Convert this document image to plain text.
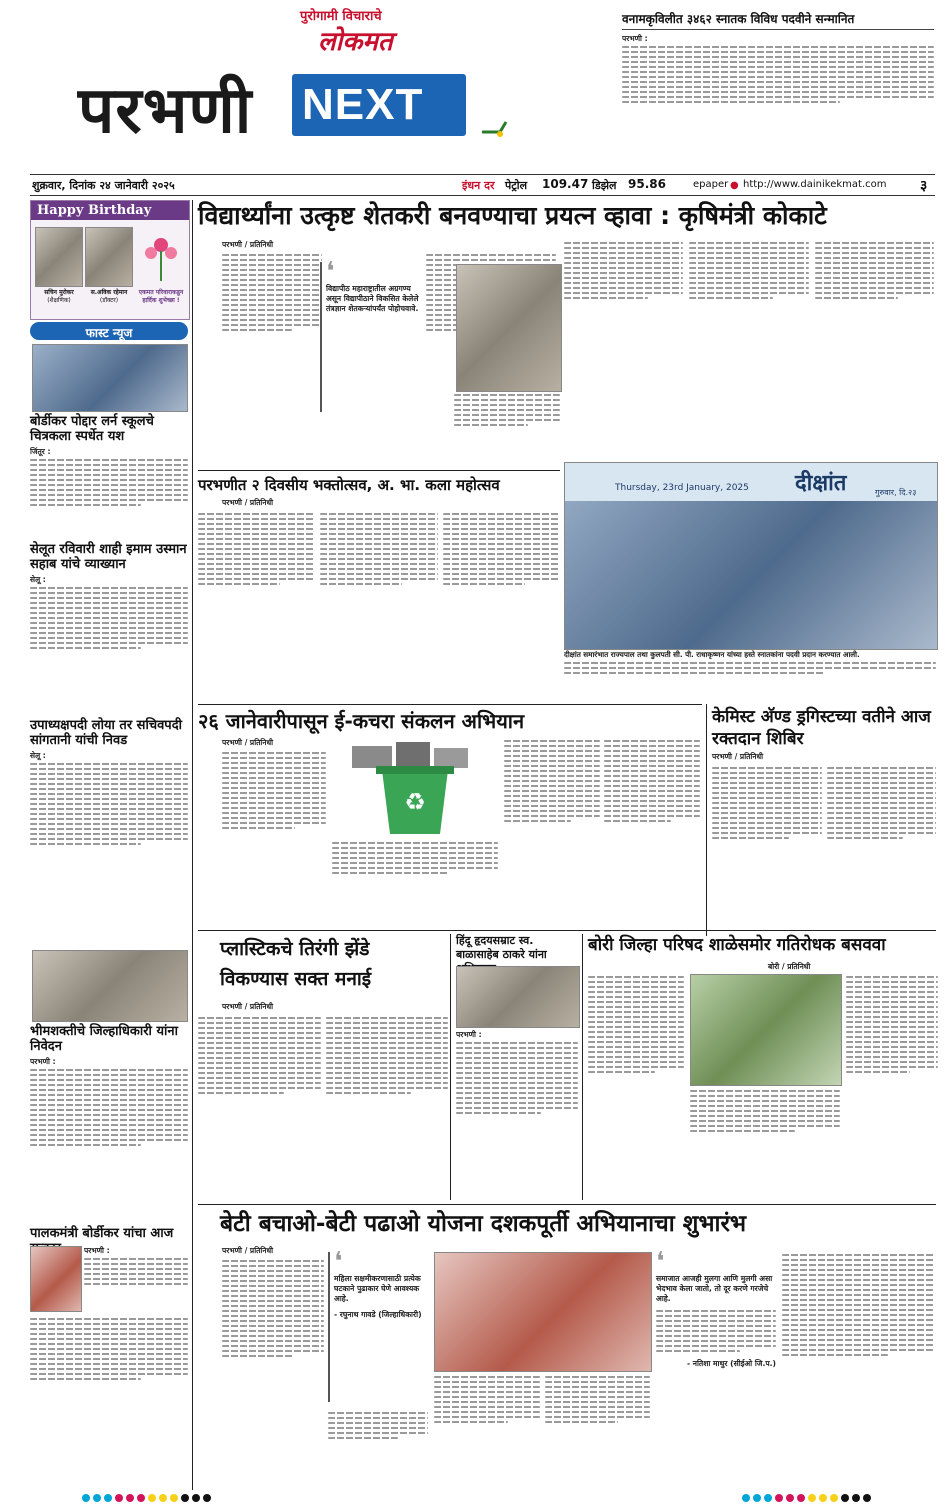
पुरोगामी विचाराचे
लोकमत
परभणी NEXT
वनामकृविलीत ३४६२ स्नातक विविध पदवीने सन्मानित
परभणी :
शुक्रवार, दिनांक २४ जानेवारी २०२५	इंधन दर पेट्रोल 109.47 डिझेल 95.86	epaper ● http://www.dainikekmat.com ३
Happy Birthday
सचिन मुरोकर
(शैक्षणिक)
स.अविक रहेमान
(डॉक्टर)
एकमत परिवाराकडून हार्दिक शुभेच्छा !
फास्ट न्यूज
बोर्डीकर पोद्दार लर्न स्कूलचे चित्रकला स्पर्धेत यश
जिंतूर :
सेलूत रविवारी शाही इमाम उस्मान सहाब यांचे व्याख्यान
सेलू :
उपाध्यक्षपदी लोया तर सचिवपदी सांगतानी यांची निवड
सेलू :
भीमशक्तीचे जिल्हाधिकारी यांना निवेदन
परभणी :
पालकमंत्री बोर्डीकर यांचा आज
परभणी :
विद्यार्थ्यांना उत्कृष्ट शेतकरी बनवण्याचा प्रयत्न व्हावा : कृषिमंत्री कोकाटे
परभणी / प्रतिनिधी
❛
विद्यापीठ महाराष्ट्रातील अग्रगण्य असून विद्यापीठाने विकसित केलेले तंत्रज्ञान शेतकऱ्यांपर्यंत पोहोचवावे.
Thursday, 23rd January, 2025 दीक्षांत	गुरुवार, दि.२३
दीक्षांत समारंभात राज्यपाल तथा कुलपती सी. पी. राधाकृष्णन यांच्या हस्ते स्नातकांना पदवी प्रदान करण्यात आली.
परभणीत २ दिवसीय भक्तोत्सव, अ. भा. कला महोत्सव
परभणी / प्रतिनिधी
२६ जानेवारीपासून ई-कचरा संकलन अभियान
परभणी / प्रतिनिधी
♻
केमिस्ट अ‍ॅण्ड ड्रगिस्टच्या वतीने आज रक्तदान शिबिर
परभणी / प्रतिनिधी
प्लास्टिकचे तिरंगी झेंडे विकण्यास सक्त मनाई
परभणी / प्रतिनिधी
हिंदू हृदयसम्राट स्व. बाळासाहेब ठाकरे यांना
परभणी :
बोरी जिल्हा परिषद शाळेसमोर गतिरोधक बसववा
बोरी / प्रतिनिधी
बेटी बचाओ-बेटी पढाओ योजना दशकपूर्ती अभियानाचा शुभारंभ
परभणी / प्रतिनिधी	❛
महिला सक्षमीकरणासाठी प्रत्येक घटकाने पुढाकार घेणे आवश्यक आहे.
- रघुनाथ गावडे (जिल्हाधिकारी)
❛
समाजात आजही मुलगा आणि मुलगी असा भेदभाव केला जातो, तो दूर करणे गरजेचे आहे.
- नतिशा माथुर (सीईओ जि.प.)
